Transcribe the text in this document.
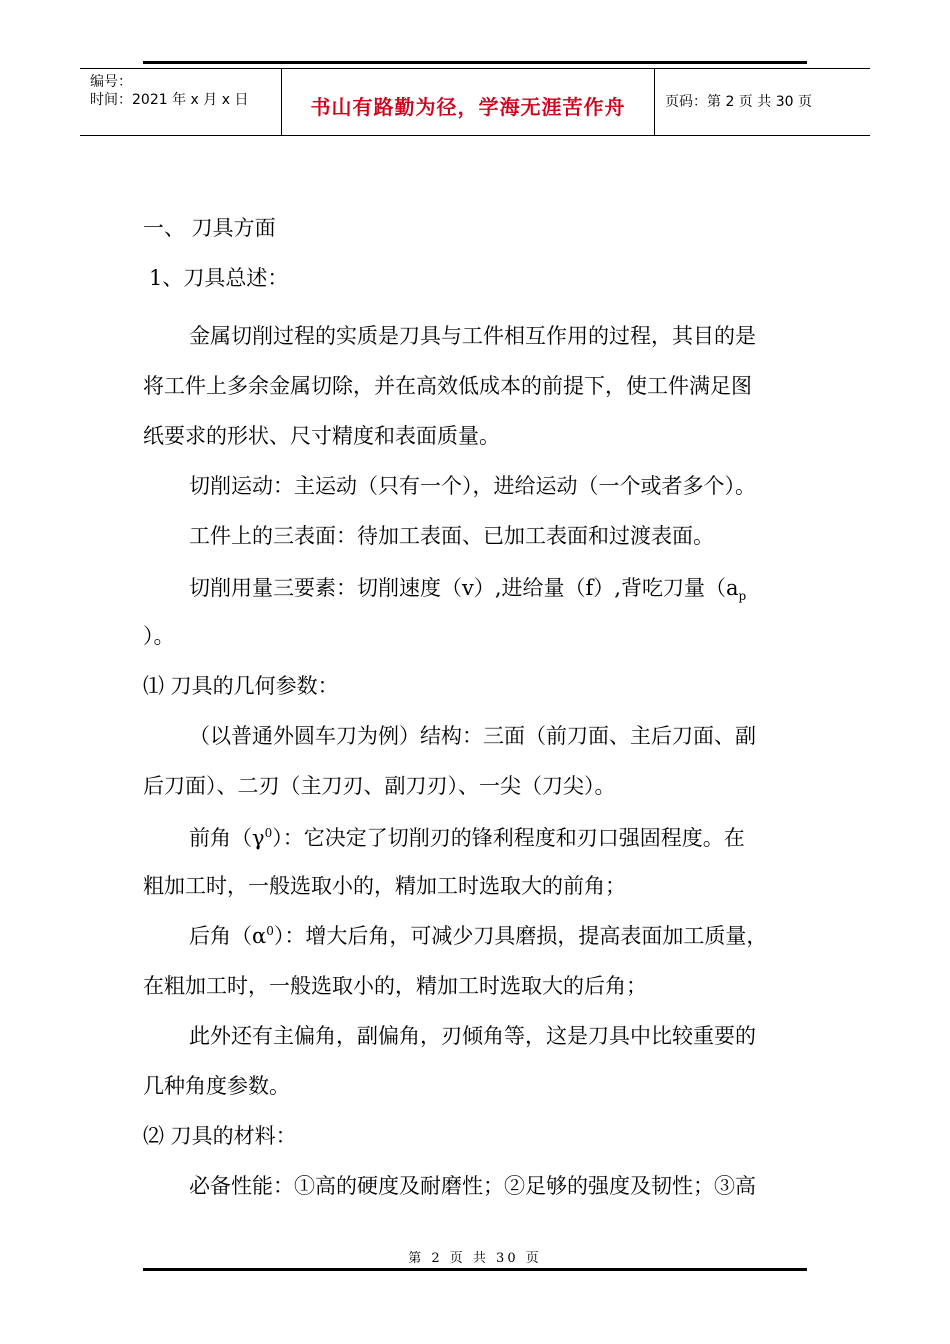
编号：
时间：2021 年 x 月 x 日	书山有路勤为径，学海无涯苦作舟	页码：第 2 页 共 30 页
一、 刀具方面
1、刀具总述：
金属切削过程的实质是刀具与工件相互作用的过程，其目的是
将工件上多余金属切除，并在高效低成本的前提下，使工件满足图
纸要求的形状、尺寸精度和表面质量。
切削运动：主运动（只有一个），进给运动（一个或者多个）。
工件上的三表面：待加工表面、已加工表面和过渡表面。
切削用量三要素：切削速度（v）,进给量（f）,背吃刀量（$a_p$
）。
⑴ 刀具的几何参数：
（以普通外圆车刀为例）结构：三面（前刀面、主后刀面、副
后刀面）、二刃（主刀刃、副刀刃）、一尖（刀尖）。
前角$(\gamma^0)$：它决定了切削刃的锋利程度和刃口强固程度。在
粗加工时，一般选取小的，精加工时选取大的前角；
后角$(\alpha^0)$：增大后角，可减少刀具磨损，提高表面加工质量，
在粗加工时，一般选取小的，精加工时选取大的后角；
此外还有主偏角，副偏角，刃倾角等，这是刀具中比较重要的
几种角度参数。
⑵ 刀具的材料：
必备性能：①高的硬度及耐磨性；②足够的强度及韧性；③高
第 2 页 共 30 页
